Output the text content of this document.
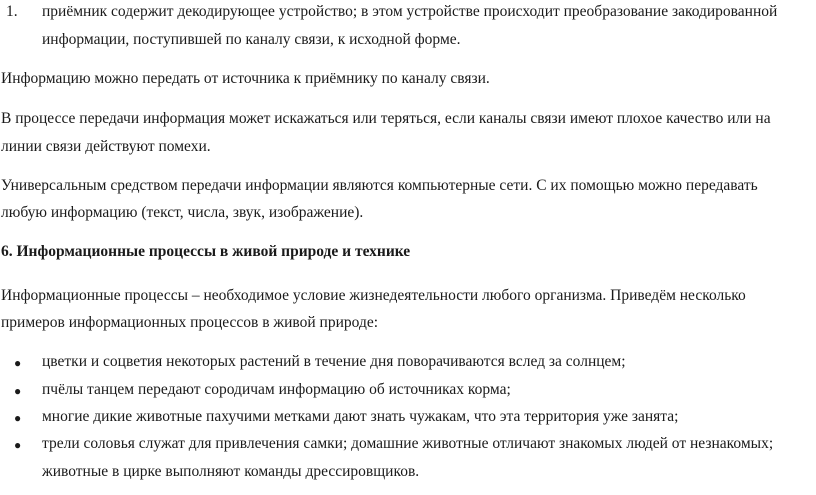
1. приёмник содержит декодирующее устройство; в этом устройстве происходит преобразование закодированной
информации, поступившей по каналу связи, к исходной форме.
Информацию можно передать от источника к приёмнику по каналу связи.
В процессе передачи информация может искажаться или теряться, если каналы связи имеют плохое качество или на
линии связи действуют помехи.
Универсальным средством передачи информации являются компьютерные сети. С их помощью можно передавать
любую информацию (текст, числа, звук, изображение).
6. Информационные процессы в живой природе и технике
Информационные процессы – необходимое условие жизнедеятельности любого организма. Приведём несколько
примеров информационных процессов в живой природе:
● цветки и соцветия некоторых растений в течение дня поворачиваются вслед за солнцем;
● пчёлы танцем передают сородичам информацию об источниках корма;
● многие дикие животные пахучими метками дают знать чужакам, что эта территория уже занята;
● трели соловья служат для привлечения самки; домашние животные отличают знакомых людей от незнакомых;
животные в цирке выполняют команды дрессировщиков.
